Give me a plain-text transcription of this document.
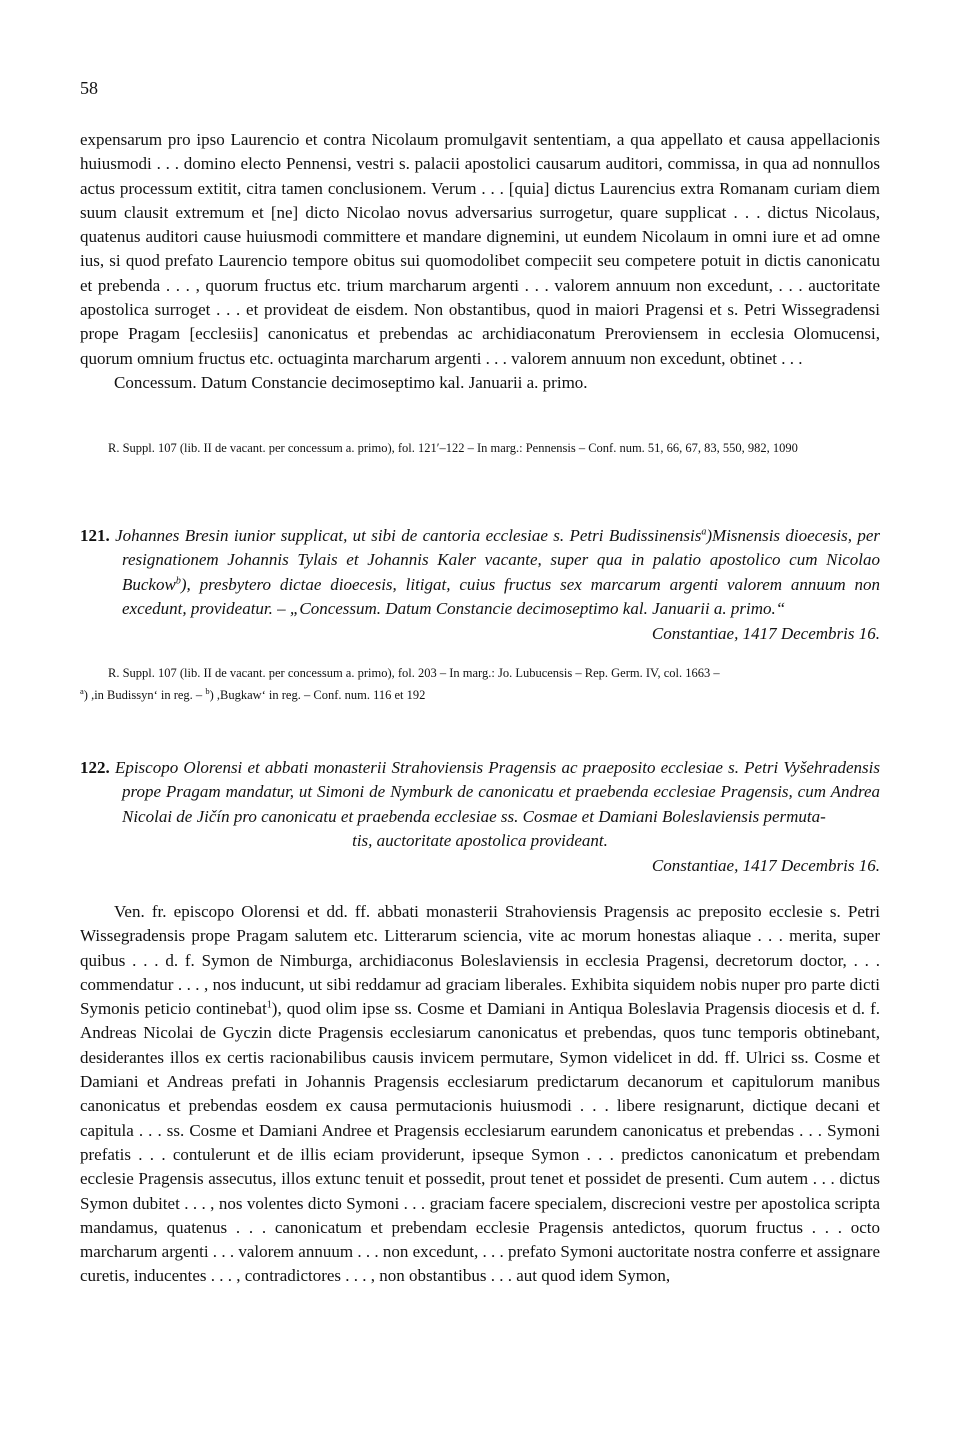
58

expensarum pro ipso Laurencio et contra Nicolaum promulgavit sententiam, a qua appellato et causa appellacionis huiusmodi . . . domino electo Pennensi, vestri s. palacii apostolici causarum auditori, commissa, in qua ad nonnullos actus processum extitit, citra tamen conclusionem. Verum . . . [quia] dictus Laurencius extra Romanam curiam diem suum clausit extremum et [ne] dicto Nicolao novus adversarius surrogetur, quare supplicat . . . dictus Nicolaus, quatenus auditori cause huiusmodi committere et mandare dignemini, ut eundem Nicolaum in omni iure et ad omne ius, si quod prefato Laurencio tempore obitus sui quomodolibet compeciit seu competere potuit in dictis canonicatu et prebenda . . . , quorum fructus etc. trium marcharum argenti . . . valorem annuum non excedunt, . . . auctoritate apostolica surroget . . . et provideat de eisdem. Non obstantibus, quod in maiori Pragensi et s. Petri Wissegradensi prope Pragam [ecclesiis] canonicatus et prebendas ac archidiaconatum Preroviensem in ecclesia Olomucensi, quorum omnium fructus etc. octuaginta marcharum argenti . . . valorem annuum non excedunt, obtinet . . .

Concessum. Datum Constancie decimoseptimo kal. Januarii a. primo.

R. Suppl. 107 (lib. II de vacant. per concessum a. primo), fol. 121′–122 – In marg.: Pennensis – Conf. num. 51, 66, 67, 83, 550, 982, 1090

121. Johannes Bresin iunior supplicat, ut sibi de cantoria ecclesiae s. Petri Budissinensis$^a$)Misnensis dioecesis, per resignationem Johannis Tylais et Johannis Kaler vacante, super qua in palatio apostolico cum Nicolao Buckow$^b$), presbytero dictae dioecesis, litigat, cuius fructus sex marcarum argenti valorem annuum non excedunt, provideatur. – „Concessum. Datum Constancie decimoseptimo kal. Januarii a. primo.“

Constantiae, 1417 Decembris 16.

R. Suppl. 107 (lib. II de vacant. per concessum a. primo), fol. 203 – In marg.: Jo. Lubucensis – Rep. Germ. IV, col. 1663 –

$^a$) ,in Budissyn‘ in reg. – $^b$) ,Bugkaw‘ in reg. – Conf. num. 116 et 192

122. Episcopo Olorensi et abbati monasterii Strahoviensis Pragensis ac praeposito ecclesiae s. Petri Vyšehradensis prope Pragam mandatur, ut Simoni de Nymburk de canonicatu et praebenda ecclesiae Pragensis, cum Andrea Nicolai de Jičín pro canonicatu et praebenda ecclesiae ss. Cosmae et Damiani Boleslaviensis permuta-

tis, auctoritate apostolica provideant.

Constantiae, 1417 Decembris 16.

Ven. fr. episcopo Olorensi et dd. ff. abbati monasterii Strahoviensis Pragensis ac preposito ecclesie s. Petri Wissegradensis prope Pragam salutem etc. Litterarum sciencia, vite ac morum honestas aliaque . . . merita, super quibus . . . d. f. Symon de Nimburga, archidiaconus Boleslaviensis in ecclesia Pragensi, decretorum doctor, . . . commendatur . . . , nos inducunt, ut sibi reddamur ad graciam liberales. Exhibita siquidem nobis nuper pro parte dicti Symonis peticio continebat$^1$), quod olim ipse ss. Cosme et Damiani in Antiqua Boleslavia Pragensis diocesis et d. f. Andreas Nicolai de Gyczin dicte Pragensis ecclesiarum canonicatus et prebendas, quos tunc temporis obtinebant, desiderantes illos ex certis racionabilibus causis invicem permutare, Symon videlicet in dd. ff. Ulrici ss. Cosme et Damiani et Andreas prefati in Johannis Pragensis ecclesiarum predictarum decanorum et capitulorum manibus canonicatus et prebendas eosdem ex causa permutacionis huiusmodi . . . libere resignarunt, dictique decani et capitula . . . ss. Cosme et Damiani Andree et Pragensis ecclesiarum earundem canonicatus et prebendas . . . Symoni prefatis . . . contulerunt et de illis eciam providerunt, ipseque Symon . . . predictos canonicatum et prebendam ecclesie Pragensis assecutus, illos extunc tenuit et possedit, prout tenet et possidet de presenti. Cum autem . . . dictus Symon dubitet . . . , nos volentes dicto Symoni . . . graciam facere specialem, discrecioni vestre per apostolica scripta mandamus, quatenus . . . canonicatum et prebendam ecclesie Pragensis antedictos, quorum fructus . . . octo marcharum argenti . . . valorem annuum . . . non excedunt, . . . prefato Symoni auctoritate nostra conferre et assignare curetis, inducentes . . . , contradictores . . . , non obstantibus . . . aut quod idem Symon,
